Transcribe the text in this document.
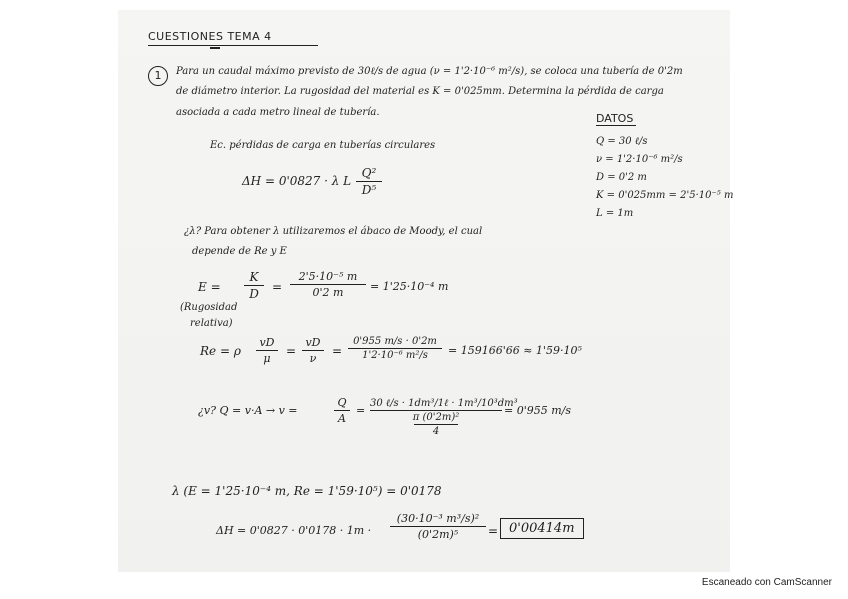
CUESTIONES TEMA 4
1	Para un caudal máximo previsto de 30ℓ/s de agua (ν = 1'2·10⁻⁶ m²/s), se coloca una tubería de 0'2m
de diámetro interior. La rugosidad del material es K = 0'025mm. Determina la pérdida de carga
asociada a cada metro lineal de tubería.	DATOS
Q = 30 ℓ/s
ν = 1'2·10⁻⁶ m²/s
D = 0'2 m
K = 0'025mm = 2'5·10⁻⁵ m
L = 1m
Ec. pérdidas de carga en tuberías circulares
ΔH = 0'0827 · λ L
Q²
D⁵
¿λ? Para obtener λ utilizaremos el ábaco de Moody, el cual
depende de Re y E
E =
K
D	=
2'5·10⁻⁵ m
0'2 m	= 1'25·10⁻⁴ m
(Rugosidad
relativa)
Re = ρ
vD
μ
=
vD
ν
=
0'955 m/s · 0'2m
1'2·10⁻⁶ m²/s	= 159166'66 ≈ 1'59·10⁵
¿v? Q = v·A → v =
Q
A
=
30 ℓ/s · 1dm³/1ℓ · 1m³/10³dm³
π (0'2m)²
4
= 0'955 m/s
λ (E = 1'25·10⁻⁴ m, Re = 1'59·10⁵) = 0'0178
ΔH = 0'0827 · 0'0178 · 1m ·
(30·10⁻³ m³/s)²
(0'2m)⁵	= 0'00414m
Escaneado con CamScanner
